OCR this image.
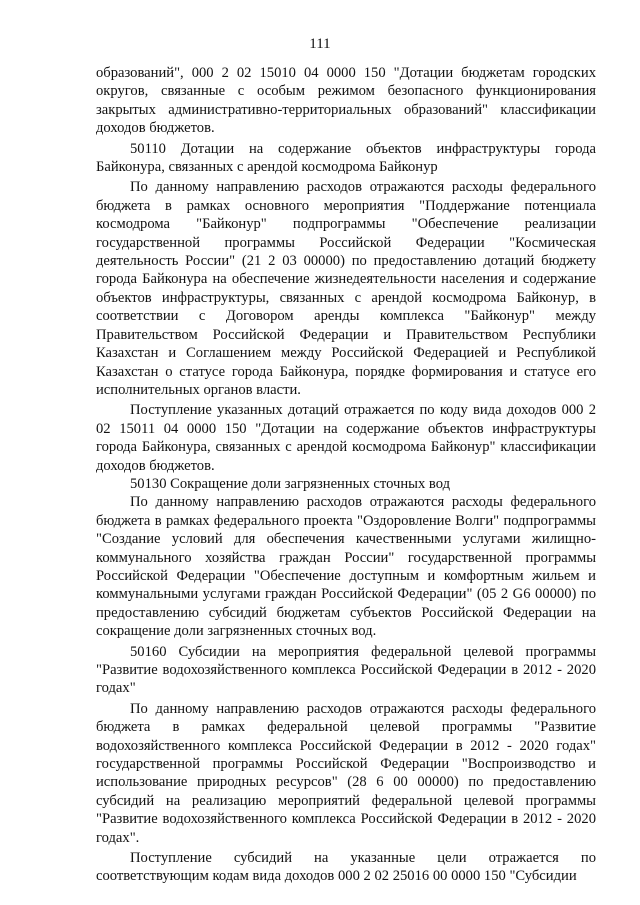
111

образований", 000 2 02 15010 04 0000 150 "Дотации бюджетам городских округов, связанные с особым режимом безопасного функционирования закрытых административно-территориальных образований" классификации доходов бюджетов.

50110 Дотации на содержание объектов инфраструктуры города Байконура, связанных с арендой космодрома Байконур

По данному направлению расходов отражаются расходы федерального бюджета в рамках основного мероприятия "Поддержание потенциала космодрома "Байконур" подпрограммы "Обеспечение реализации государственной программы Российской Федерации "Космическая деятельность России" (21 2 03 00000) по предоставлению дотаций бюджету города Байконура на обеспечение жизнедеятельности населения и содержание объектов инфраструктуры, связанных с арендой космодрома Байконур, в соответствии с Договором аренды комплекса "Байконур" между Правительством Российской Федерации и Правительством Республики Казахстан и Соглашением между Российской Федерацией и Республикой Казахстан о статусе города Байконура, порядке формирования и статусе его исполнительных органов власти.

Поступление указанных дотаций отражается по коду вида доходов 000 2 02 15011 04 0000 150 "Дотации на содержание объектов инфраструктуры города Байконура, связанных с арендой космодрома Байконур" классификации доходов бюджетов.

50130 Сокращение доли загрязненных сточных вод

По данному направлению расходов отражаются расходы федерального бюджета в рамках федерального проекта "Оздоровление Волги" подпрограммы "Создание условий для обеспечения качественными услугами жилищно-коммунального хозяйства граждан России" государственной программы Российской Федерации "Обеспечение доступным и комфортным жильем и коммунальными услугами граждан Российской Федерации" (05 2 G6 00000) по предоставлению субсидий бюджетам субъектов Российской Федерации на сокращение доли загрязненных сточных вод.

50160 Субсидии на мероприятия федеральной целевой программы "Развитие водохозяйственного комплекса Российской Федерации в 2012 - 2020 годах"

По данному направлению расходов отражаются расходы федерального бюджета в рамках федеральной целевой программы "Развитие водохозяйственного комплекса Российской Федерации в 2012 - 2020 годах" государственной программы Российской Федерации "Воспроизводство и использование природных ресурсов" (28 6 00 00000) по предоставлению субсидий на реализацию мероприятий федеральной целевой программы "Развитие водохозяйственного комплекса Российской Федерации в 2012 - 2020 годах".

Поступление субсидий на указанные цели отражается по соответствующим кодам вида доходов 000 2 02 25016 00 0000 150 "Субсидии
